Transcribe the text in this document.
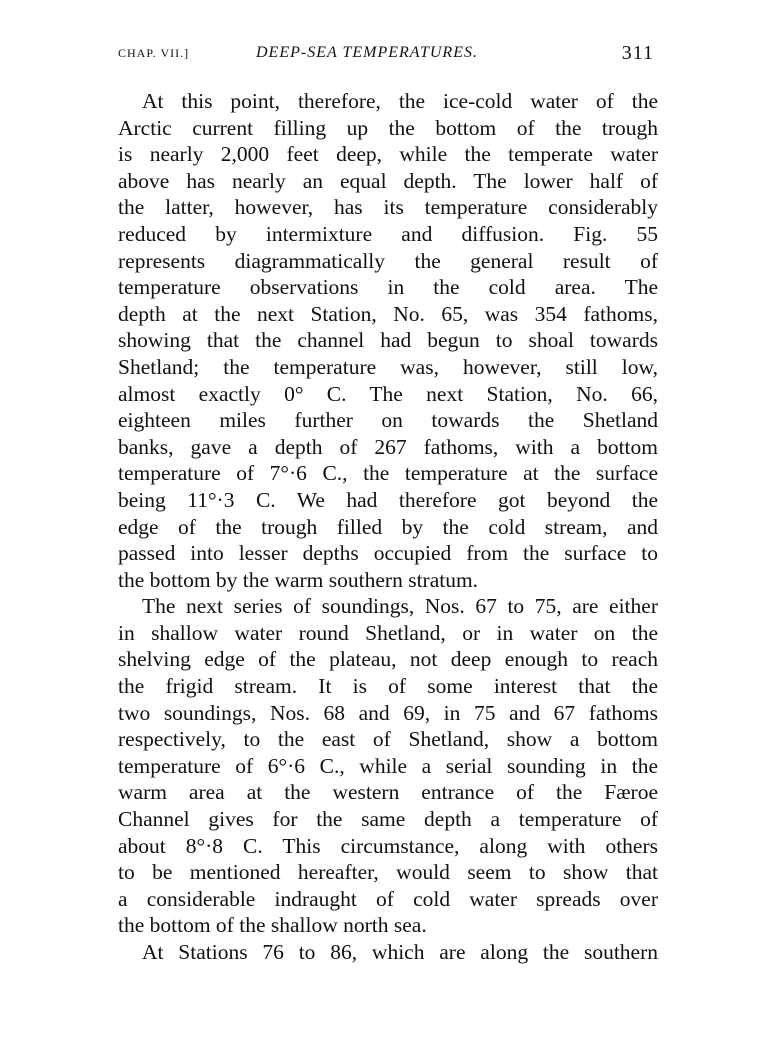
CHAP. VII.]	DEEP-SEA TEMPERATURES.	311

At this point, therefore, the ice-cold water of the
Arctic current filling up the bottom of the trough
is nearly 2,000 feet deep, while the temperate water
above has nearly an equal depth. The lower half of
the latter, however, has its temperature considerably
reduced by intermixture and diffusion. Fig. 55
represents diagrammatically the general result of
temperature observations in the cold area. The
depth at the next Station, No. 65, was 354 fathoms,
showing that the channel had begun to shoal towards
Shetland; the temperature was, however, still low,
almost exactly 0° C. The next Station, No. 66,
eighteen miles further on towards the Shetland
banks, gave a depth of 267 fathoms, with a bottom
temperature of 7°·6 C., the temperature at the surface
being 11°·3 C. We had therefore got beyond the
edge of the trough filled by the cold stream, and
passed into lesser depths occupied from the surface to
the bottom by the warm southern stratum.

The next series of soundings, Nos. 67 to 75, are either
in shallow water round Shetland, or in water on the
shelving edge of the plateau, not deep enough to reach
the frigid stream. It is of some interest that the
two soundings, Nos. 68 and 69, in 75 and 67 fathoms
respectively, to the east of Shetland, show a bottom
temperature of 6°·6 C., while a serial sounding in the
warm area at the western entrance of the Færoe
Channel gives for the same depth a temperature of
about 8°·8 C. This circumstance, along with others
to be mentioned hereafter, would seem to show that
a considerable indraught of cold water spreads over
the bottom of the shallow north sea.

At Stations 76 to 86, which are along the southern
